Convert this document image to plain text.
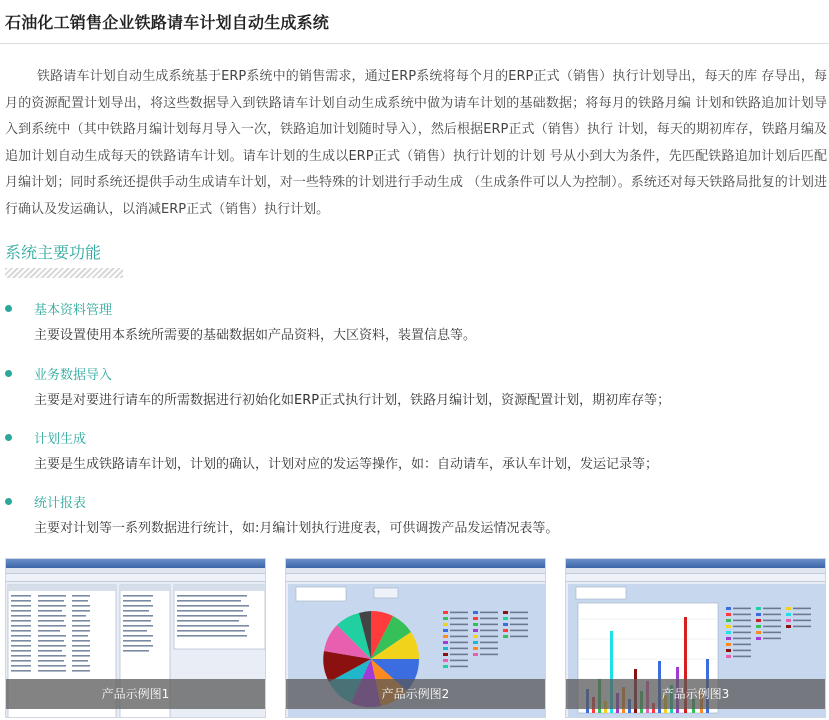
石油化工销售企业铁路请车计划自动生成系统

铁路请车计划自动生成系统基于ERP系统中的销售需求，通过ERP系统将每个月的ERP正式（销售）执行计划导出，每天的库 存导出，每月的资源配置计划导出，将这些数据导入到铁路请车计划自动生成系统中做为请车计划的基础数据；将每月的铁路月编 计划和铁路追加计划导入到系统中（其中铁路月编计划每月导入一次，铁路追加计划随时导入），然后根据ERP正式（销售）执行 计划，每天的期初库存，铁路月编及追加计划自动生成每天的铁路请车计划。请车计划的生成以ERP正式（销售）执行计划的计划 号从小到大为条件，先匹配铁路追加计划后匹配月编计划；同时系统还提供手动生成请车计划，对一些特殊的计划进行手动生成 （生成条件可以人为控制）。系统还对每天铁路局批复的计划进行确认及发运确认，以消减ERP正式（销售）执行计划。

系统主要功能
基本资料管理
主要设置使用本系统所需要的基础数据如产品资料，大区资料，装置信息等。
业务数据导入
主要是对要进行请车的所需数据进行初始化如ERP正式执行计划，铁路月编计划，资源配置计划，期初库存等；
计划生成
主要是生成铁路请车计划，计划的确认，计划对应的发运等操作，如：自动请车，承认车计划，发运记录等；
统计报表
主要对计划等一系列数据进行统计，如:月编计划执行进度表，可供调拨产品发运情况表等。
产品示例图1	产品示例图2	产品示例图3
